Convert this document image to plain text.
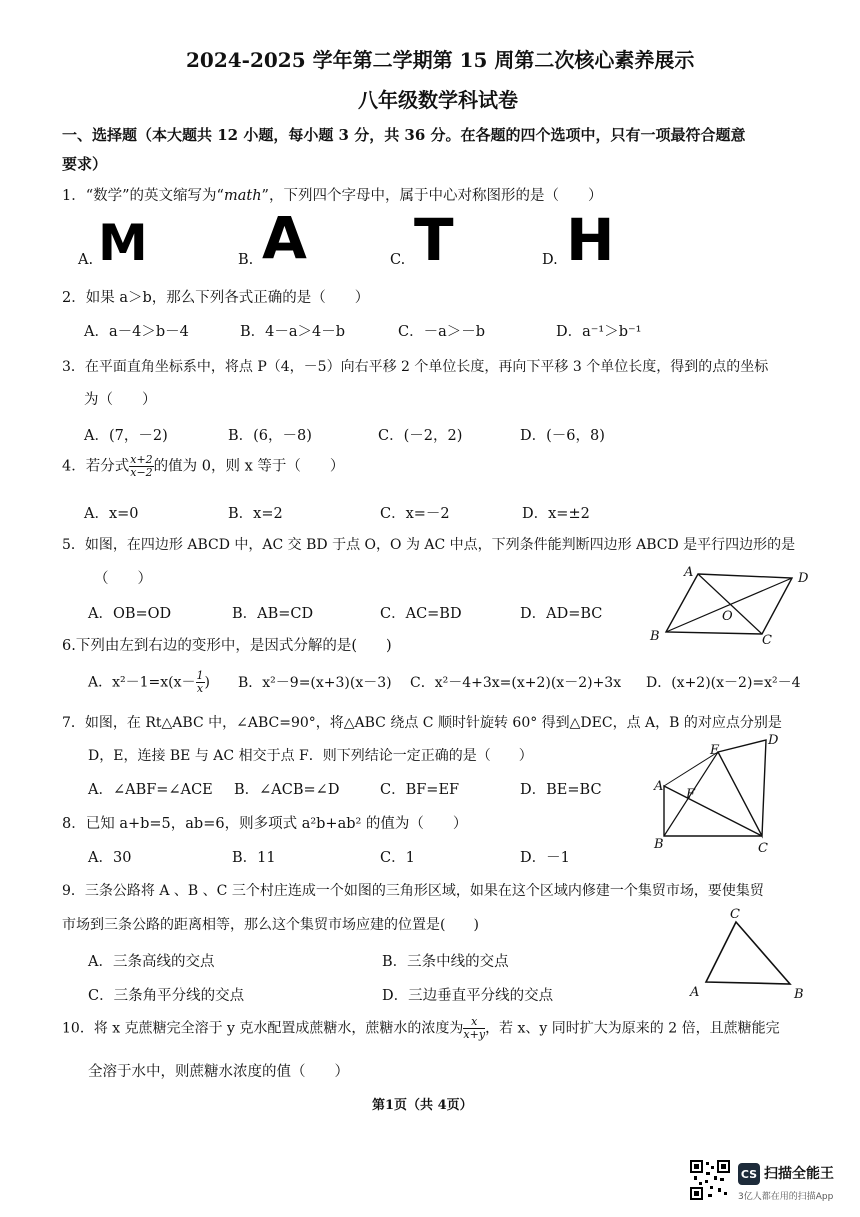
2024-2025 学年第二学期第 15 周第二次核心素养展示
八年级数学科试卷
一、选择题（本大题共 12 小题，每小题 3 分，共 36 分。在各题的四个选项中，只有一项最符合题意
要求）
1．“数学”的英文缩写为“math”，下列四个字母中，属于中心对称图形的是（　　）
A. M	B. A	C. T	D. H
2．如果 a＞b，那么下列各式正确的是（　　）
A．a－4＞b－4	B．4－a＞4－b	C．－a＞－b	D．a⁻¹＞b⁻¹
3．在平面直角坐标系中，将点 P（4，－5）向右平移 2 个单位长度，再向下平移 3 个单位长度，得到的点的坐标
为（　　）
A．(7，－2)	B．(6，－8)	C．(－2，2)	D．(－6，8)
4．若分式 $\frac{x+2}{x-2}$ 的值为 0，则 x 等于（　　）
A．x=0	B．x=2	C．x=－2	D．x=±2
5．如图，在四边形 ABCD 中，AC 交 BD 于点 O，O 为 AC 中点，下列条件能判断四边形 ABCD 是平行四边形的是
（　　）
A．OB=OD	B．AB=CD	C．AC=BD	D．AD=BC
A	D
O
B	C
6.下列由左到右边的变形中，是因式分解的是(　　)
A．$x^2-1=x(x- \frac{1}{x}$ ) B．x²－9=(x+3)(x－3) C．x²－4+3x=(x+2)(x－2)+3x D．(x+2)(x－2)=x²－4
7．如图，在 Rt△ABC 中，∠ABC=90°，将△ABC 绕点 C 顺时针旋转 60° 得到△DEC，点 A，B 的对应点分别是
D，E，连接 BE 与 AC 相交于点 F．则下列结论一定正确的是（　　）
A．∠ABF=∠ACE B．∠ACB=∠D	C．BF=EF	D．BE=BC
E
D
A
F
B	C
8．已知 a+b=5，ab=6，则多项式 a²b+ab² 的值为（　　）
A．30	B．11	C．1	D．－1
9．三条公路将 A 、B 、C 三个村庄连成一个如图的三角形区域，如果在这个区域内修建一个集贸市场，要使集贸
市场到三条公路的距离相等，那么这个集贸市场应建的位置是(　　)
A．三条高线的交点	B．三条中线的交点
C．三条角平分线的交点	D．三边垂直平分线的交点
C
A	B
10．将 x 克蔗糖完全溶于 y 克水配置成蔗糖水，蔗糖水的浓度为 $\frac{x}{x+y}$ ，若 x、y 同时扩大为原来的 2 倍，且蔗糖能完
全溶于水中，则蔗糖水浓度的值（　　）
第1页（共 4页）
CS 扫描全能王
3亿人都在用的扫描App
